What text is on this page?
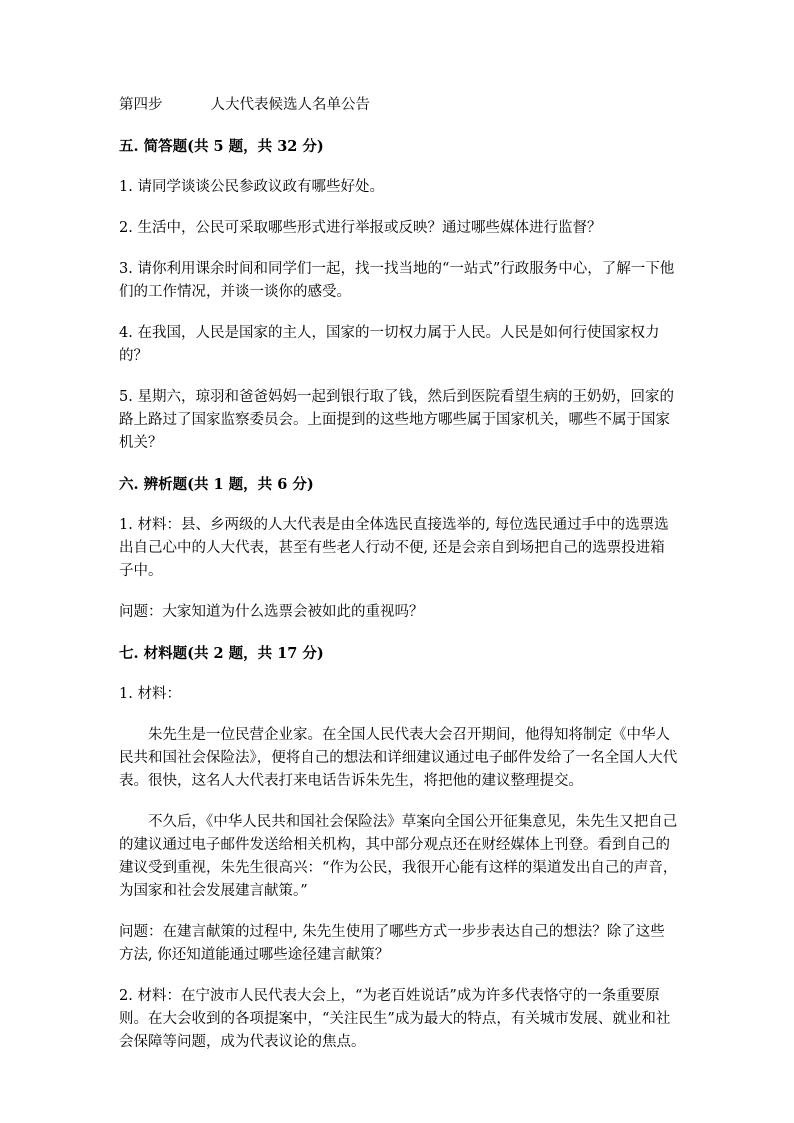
第四步	人大代表候选人名单公告

五. 简答题(共 5 题，共 32 分)

1. 请同学谈谈公民参政议政有哪些好处。

2. 生活中，公民可采取哪些形式进行举报或反映？通过哪些媒体进行监督？

3. 请你利用课余时间和同学们一起，找一找当地的“一站式”行政服务中心，了解一下他们的工作情况，并谈一谈你的感受。

4. 在我国，人民是国家的主人，国家的一切权力属于人民。人民是如何行使国家权力的？

5. 星期六，琼羽和爸爸妈妈一起到银行取了钱，然后到医院看望生病的王奶奶，回家的路上路过了国家监察委员会。上面提到的这些地方哪些属于国家机关，哪些不属于国家机关？

六. 辨析题(共 1 题，共 6 分)

1. 材料：县、乡两级的人大代表是由全体选民直接选举的, 每位选民通过手中的选票选出自己心中的人大代表，甚至有些老人行动不便, 还是会亲自到场把自己的选票投进箱子中。

问题：大家知道为什么选票会被如此的重视吗？

七. 材料题(共 2 题，共 17 分)

1. 材料：

朱先生是一位民营企业家。在全国人民代表大会召开期间，他得知将制定《中华人民共和国社会保险法》，便将自己的想法和详细建议通过电子邮件发给了一名全国人大代表。很快，这名人大代表打来电话告诉朱先生，将把他的建议整理提交。

不久后，《中华人民共和国社会保险法》草案向全国公开征集意见，朱先生又把自己的建议通过电子邮件发送给相关机构，其中部分观点还在财经媒体上刊登。看到自己的建议受到重视，朱先生很高兴：“作为公民，我很开心能有这样的渠道发出自己的声音，为国家和社会发展建言献策。”

问题：在建言献策的过程中, 朱先生使用了哪些方式一步步表达自己的想法？除了这些方法, 你还知道能通过哪些途径建言献策？

2. 材料：在宁波市人民代表大会上，“为老百姓说话”成为许多代表恪守的一条重要原则。在大会收到的各项提案中，“关注民生”成为最大的特点，有关城市发展、就业和社会保障等问题，成为代表议论的焦点。
